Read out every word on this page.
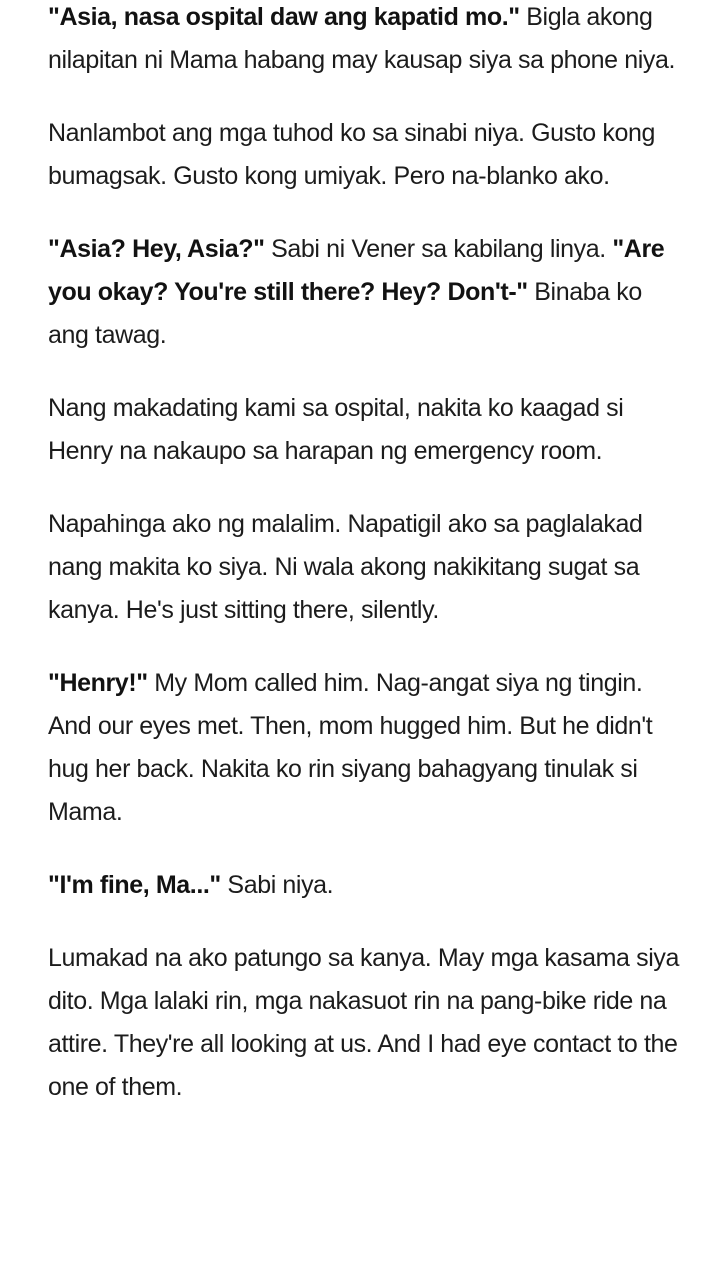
"Asia, nasa ospital daw ang kapatid mo." Bigla akong nilapitan ni Mama habang may kausap siya sa phone niya.

Nanlambot ang mga tuhod ko sa sinabi niya. Gusto kong bumagsak. Gusto kong umiyak. Pero na-blanko ako.

"Asia? Hey, Asia?" Sabi ni Vener sa kabilang linya. "Are you okay? You're still there? Hey? Don't-" Binaba ko ang tawag.

Nang makadating kami sa ospital, nakita ko kaagad si Henry na nakaupo sa harapan ng emergency room.

Napahinga ako ng malalim. Napatigil ako sa paglalakad nang makita ko siya. Ni wala akong nakikitang sugat sa kanya. He's just sitting there, silently.

"Henry!" My Mom called him. Nag-angat siya ng tingin. And our eyes met. Then, mom hugged him. But he didn't hug her back. Nakita ko rin siyang bahagyang tinulak si Mama.

"I'm fine, Ma..." Sabi niya.

Lumakad na ako patungo sa kanya. May mga kasama siya dito. Mga lalaki rin, mga nakasuot rin na pang-bike ride na attire. They're all looking at us. And I had eye contact to the one of them.
